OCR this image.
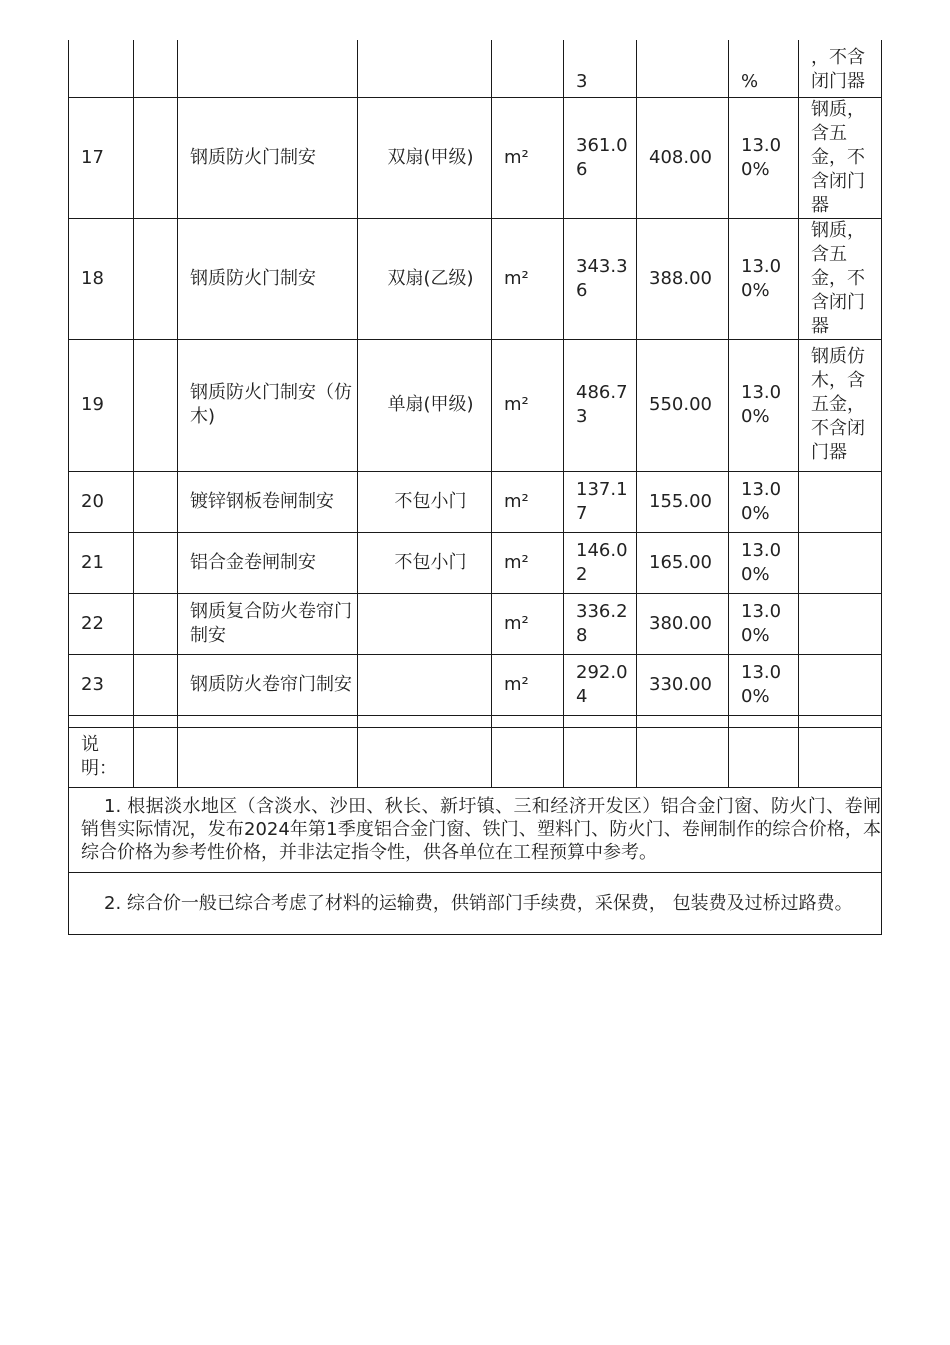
					3		%	，不含闭门器
17		钢质防火门制安	双扇(甲级)	m²	361.06	408.00	13.00%	钢质，含五金，不含闭门器
18		钢质防火门制安	双扇(乙级)	m²	343.36	388.00	13.00%	钢质，含五金，不含闭门器
19		钢质防火门制安（仿木)	单扇(甲级)	m²	486.73	550.00	13.00%	钢质仿木，含五金，不含闭门器
20		镀锌钢板卷闸制安	不包小门	m²	137.17	155.00	13.00%	
21		铝合金卷闸制安	不包小门	m²	146.02	165.00	13.00%	
22		钢质复合防火卷帘门制安		m²	336.28	380.00	13.00%	
23		钢质防火卷帘门制安		m²	292.04	330.00	13.00%	

说明：								
1. 根据淡水地区（含淡水、沙田、秋长、新圩镇、三和经济开发区）铝合金门窗、防火门、卷闸销售实际情况，发布2024年第1季度铝合金门窗、铁门、塑料门、防火门、卷闸制作的综合价格，本综合价格为参考性价格，并非法定指令性，供各单位在工程预算中参考。								
2. 综合价一般已综合考虑了材料的运输费，供销部门手续费，采保费， 包装费及过桥过路费。								
